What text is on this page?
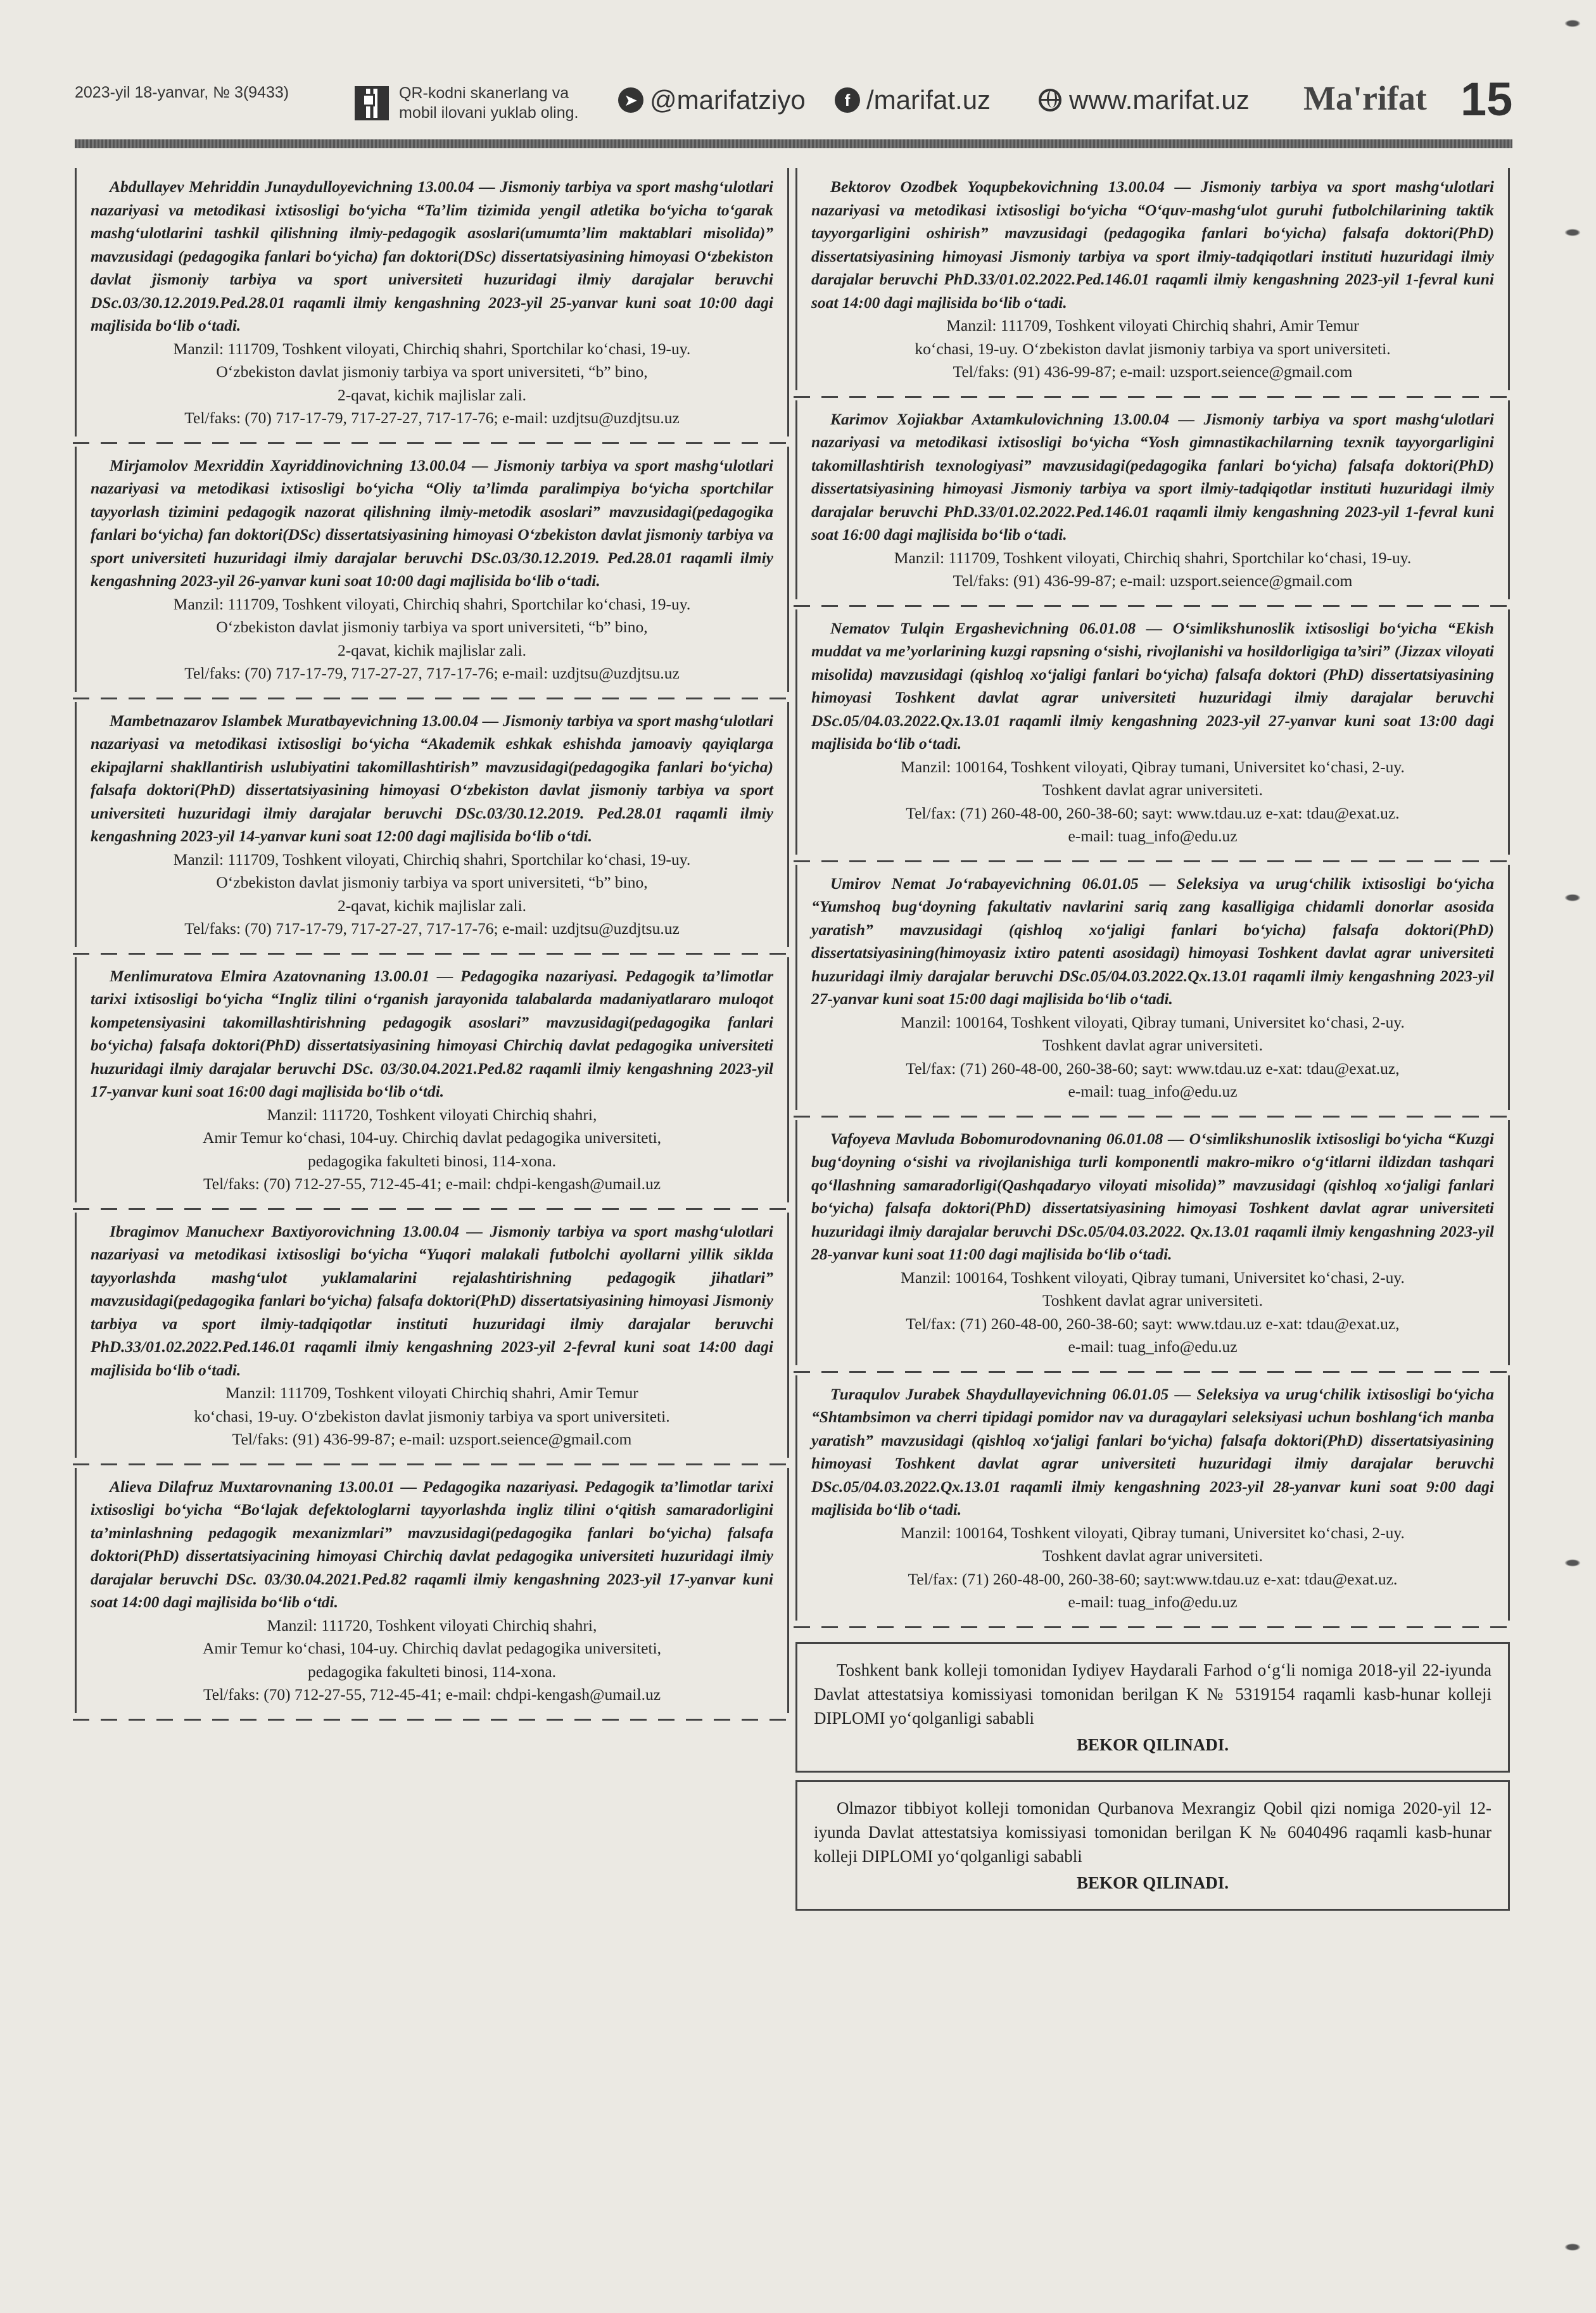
2023-yil 18-yanvar, № 3(9433)	QR-kodni skanerlang va
mobil ilovani yuklab oling.
➤ @marifatziyo	f /marifat.uz	www.marifat.uz Ma'rifat 15

Abdullayev Mehriddin Junaydulloyevichning 13.00.04 — Jismoniy tarbiya va sport mashg‘ulotlari nazariyasi va metodikasi ixtisosligi bo‘yicha “Ta’lim tizimida yengil atletika bo‘yicha to‘garak mashg‘ulotlarini tashkil qilishning ilmiy-pedagogik asoslari(umumta’lim maktablari misolida)” mavzusidagi (pedagogika fanlari bo‘yicha) fan doktori(DSc) dissertatsiyasining himoyasi O‘zbekiston davlat jismoniy tarbiya va sport universiteti huzuridagi ilmiy darajalar beruvchi DSc.03/30.12.2019.Ped.28.01 raqamli ilmiy kengashning 2023-yil 25-yanvar kuni soat 10:00 dagi majlisida bo‘lib o‘tadi.

Manzil: 111709, Toshkent viloyati, Chirchiq shahri, Sportchilar ko‘chasi, 19-uy.

O‘zbekiston davlat jismoniy tarbiya va sport universiteti, “b” bino,

2-qavat, kichik majlislar zali.

Tel/faks: (70) 717-17-79, 717-27-27, 717-17-76; e-mail: uzdjtsu@uzdjtsu.uz

Mirjamolov Mexriddin Xayriddinovichning 13.00.04 — Jismoniy tarbiya va sport mashg‘ulotlari nazariyasi va metodikasi ixtisosligi bo‘yicha “Oliy ta’limda paralimpiya bo‘yicha sportchilar tayyorlash tizimini pedagogik nazorat qilishning ilmiy-metodik asoslari” mavzusidagi(pedagogika fanlari bo‘yicha) fan doktori(DSc) dissertatsiyasining himoyasi O‘zbekiston davlat jismoniy tarbiya va sport universiteti huzuridagi ilmiy darajalar beruvchi DSc.03/30.12.2019. Ped.28.01 raqamli ilmiy kengashning 2023-yil 26-yanvar kuni soat 10:00 dagi majlisida bo‘lib o‘tadi.

Manzil: 111709, Toshkent viloyati, Chirchiq shahri, Sportchilar ko‘chasi, 19-uy.

O‘zbekiston davlat jismoniy tarbiya va sport universiteti, “b” bino,

2-qavat, kichik majlislar zali.

Tel/faks: (70) 717-17-79, 717-27-27, 717-17-76; e-mail: uzdjtsu@uzdjtsu.uz

Mambetnazarov Islambek Muratbayevichning 13.00.04 — Jismoniy tarbiya va sport mashg‘ulotlari nazariyasi va metodikasi ixtisosligi bo‘yicha “Akademik eshkak eshishda jamoaviy qayiqlarga ekipajlarni shakllantirish uslubiyatini takomillashtirish” mavzusidagi(pedagogika fanlari bo‘yicha) falsafa doktori(PhD) dissertatsiyasining himoyasi O‘zbekiston davlat jismoniy tarbiya va sport universiteti huzuridagi ilmiy darajalar beruvchi DSc.03/30.12.2019. Ped.28.01 raqamli ilmiy kengashning 2023-yil 14-yanvar kuni soat 12:00 dagi majlisida bo‘lib o‘tdi.

Manzil: 111709, Toshkent viloyati, Chirchiq shahri, Sportchilar ko‘chasi, 19-uy.

O‘zbekiston davlat jismoniy tarbiya va sport universiteti, “b” bino,

2-qavat, kichik majlislar zali.

Tel/faks: (70) 717-17-79, 717-27-27, 717-17-76; e-mail: uzdjtsu@uzdjtsu.uz

Menlimuratova Elmira Azatovnaning 13.00.01 — Pedagogika nazariyasi. Pedagogik ta’limotlar tarixi ixtisosligi bo‘yicha “Ingliz tilini o‘rganish jarayonida talabalarda madaniyatlararo muloqot kompetensiyasini takomillashtirishning pedagogik asoslari” mavzusidagi(pedagogika fanlari bo‘yicha) falsafa doktori(PhD) dissertatsiyasining himoyasi Chirchiq davlat pedagogika universiteti huzuridagi ilmiy darajalar beruvchi DSc. 03/30.04.2021.Ped.82 raqamli ilmiy kengashning 2023-yil 17-yanvar kuni soat 16:00 dagi majlisida bo‘lib o‘tdi.

Manzil: 111720, Toshkent viloyati Chirchiq shahri,

Amir Temur ko‘chasi, 104-uy. Chirchiq davlat pedagogika universiteti,

pedagogika fakulteti binosi, 114-xona.

Tel/faks: (70) 712-27-55, 712-45-41; e-mail: chdpi-kengash@umail.uz

Ibragimov Manuchexr Baxtiyorovichning 13.00.04 — Jismoniy tarbiya va sport mashg‘ulotlari nazariyasi va metodikasi ixtisosligi bo‘yicha “Yuqori malakali futbolchi ayollarni yillik siklda tayyorlashda mashg‘ulot yuklamalarini rejalashtirishning pedagogik jihatlari” mavzusidagi(pedagogika fanlari bo‘yicha) falsafa doktori(PhD) dissertatsiyasining himoyasi Jismoniy tarbiya va sport ilmiy-tadqiqotlar instituti huzuridagi ilmiy darajalar beruvchi PhD.33/01.02.2022.Ped.146.01 raqamli ilmiy kengashning 2023-yil 2-fevral kuni soat 14:00 dagi majlisida bo‘lib o‘tadi.

Manzil: 111709, Toshkent viloyati Chirchiq shahri, Amir Temur

ko‘chasi, 19-uy. O‘zbekiston davlat jismoniy tarbiya va sport universiteti.

Tel/faks: (91) 436-99-87; e-mail: uzsport.seience@gmail.com

Alieva Dilafruz Muxtarovnaning 13.00.01 — Pedagogika nazariyasi. Pedagogik ta’limotlar tarixi ixtisosligi bo‘yicha “Bo‘lajak defektologlarni tayyorlashda ingliz tilini o‘qitish samaradorligini ta’minlashning pedagogik mexanizmlari” mavzusidagi(pedagogika fanlari bo‘yicha) falsafa doktori(PhD) dissertatsiyacining himoyasi Chirchiq davlat pedagogika universiteti huzuridagi ilmiy darajalar beruvchi DSc. 03/30.04.2021.Ped.82 raqamli ilmiy kengashning 2023-yil 17-yanvar kuni soat 14:00 dagi majlisida bo‘lib o‘tdi.

Manzil: 111720, Toshkent viloyati Chirchiq shahri,

Amir Temur ko‘chasi, 104-uy. Chirchiq davlat pedagogika universiteti,

pedagogika fakulteti binosi, 114-xona.

Tel/faks: (70) 712-27-55, 712-45-41; e-mail: chdpi-kengash@umail.uz

Bektorov Ozodbek Yoqupbekovichning 13.00.04 — Jismoniy tarbiya va sport mashg‘ulotlari nazariyasi va metodikasi ixtisosligi bo‘yicha “O‘quv-mashg‘ulot guruhi futbolchilarining taktik tayyorgarligini oshirish” mavzusidagi (pedagogika fanlari bo‘yicha) falsafa doktori(PhD) dissertatsiyasining himoyasi Jismoniy tarbiya va sport ilmiy-tadqiqotlari instituti huzuridagi ilmiy darajalar beruvchi PhD.33/01.02.2022.Ped.146.01 raqamli ilmiy kengashning 2023-yil 1-fevral kuni soat 14:00 dagi majlisida bo‘lib o‘tadi.

Manzil: 111709, Toshkent viloyati Chirchiq shahri, Amir Temur

ko‘chasi, 19-uy. O‘zbekiston davlat jismoniy tarbiya va sport universiteti.

Tel/faks: (91) 436-99-87; e-mail: uzsport.seience@gmail.com

Karimov Xojiakbar Axtamkulovichning 13.00.04 — Jismoniy tarbiya va sport mashg‘ulotlari nazariyasi va metodikasi ixtisosligi bo‘yicha “Yosh gimnastikachilarning texnik tayyorgarligini takomillashtirish texnologiyasi” mavzusidagi(pedagogika fanlari bo‘yicha) falsafa doktori(PhD) dissertatsiyasining himoyasi Jismoniy tarbiya va sport ilmiy-tadqiqotlar instituti huzuridagi ilmiy darajalar beruvchi PhD.33/01.02.2022.Ped.146.01 raqamli ilmiy kengashning 2023-yil 1-fevral kuni soat 16:00 dagi majlisida bo‘lib o‘tadi.

Manzil: 111709, Toshkent viloyati, Chirchiq shahri, Sportchilar ko‘chasi, 19-uy.

Tel/faks: (91) 436-99-87; e-mail: uzsport.seience@gmail.com

Nematov Tulqin Ergashevichning 06.01.08 — O‘simlikshunoslik ixtisosligi bo‘yicha “Ekish muddat va me’yorlarining kuzgi rapsning o‘sishi, rivojlanishi va hosildorligiga ta’siri” (Jizzax viloyati misolida) mavzusidagi (qishloq xo‘jaligi fanlari bo‘yicha) falsafa doktori (PhD) dissertatsiyasining himoyasi Toshkent davlat agrar universiteti huzuridagi ilmiy darajalar beruvchi DSc.05/04.03.2022.Qx.13.01 raqamli ilmiy kengashning 2023-yil 27-yanvar kuni soat 13:00 dagi majlisida bo‘lib o‘tadi.

Manzil: 100164, Toshkent viloyati, Qibray tumani, Universitet ko‘chasi, 2-uy.

Toshkent davlat agrar universiteti.

Tel/fax: (71) 260-48-00, 260-38-60; sayt: www.tdau.uz e-xat: tdau@exat.uz.

e-mail: tuag_info@edu.uz

Umirov Nemat Jo‘rabayevichning 06.01.05 — Seleksiya va urug‘chilik ixtisosligi bo‘yicha “Yumshoq bug‘doyning fakultativ navlarini sariq zang kasalligiga chidamli donorlar asosida yaratish” mavzusidagi (qishloq xo‘jaligi fanlari bo‘yicha) falsafa doktori(PhD) dissertatsiyasining(himoyasiz ixtiro patenti asosidagi) himoyasi Toshkent davlat agrar universiteti huzuridagi ilmiy darajalar beruvchi DSc.05/04.03.2022.Qx.13.01 raqamli ilmiy kengashning 2023-yil 27-yanvar kuni soat 15:00 dagi majlisida bo‘lib o‘tadi.

Manzil: 100164, Toshkent viloyati, Qibray tumani, Universitet ko‘chasi, 2-uy.

Toshkent davlat agrar universiteti.

Tel/fax: (71) 260-48-00, 260-38-60; sayt: www.tdau.uz e-xat: tdau@exat.uz,

e-mail: tuag_info@edu.uz

Vafoyeva Mavluda Bobomurodovnaning 06.01.08 — O‘simlikshunoslik ixtisosligi bo‘yicha “Kuzgi bug‘doyning o‘sishi va rivojlanishiga turli komponentli makro-mikro o‘g‘itlarni ildizdan tashqari qo‘llashning samaradorligi(Qashqadaryo viloyati misolida)” mavzusidagi (qishloq xo‘jaligi fanlari bo‘yicha) falsafa doktori(PhD) dissertatsiyasining himoyasi Toshkent davlat agrar universiteti huzuridagi ilmiy darajalar beruvchi DSc.05/04.03.2022. Qx.13.01 raqamli ilmiy kengashning 2023-yil 28-yanvar kuni soat 11:00 dagi majlisida bo‘lib o‘tadi.

Manzil: 100164, Toshkent viloyati, Qibray tumani, Universitet ko‘chasi, 2-uy.

Toshkent davlat agrar universiteti.

Tel/fax: (71) 260-48-00, 260-38-60; sayt: www.tdau.uz e-xat: tdau@exat.uz,

e-mail: tuag_info@edu.uz

Turaqulov Jurabek Shaydullayevichning 06.01.05 — Seleksiya va urug‘chilik ixtisosligi bo‘yicha “Shtambsimon va cherri tipidagi pomidor nav va duragaylari seleksiyasi uchun boshlang‘ich manba yaratish” mavzusidagi (qishloq xo‘jaligi fanlari bo‘yicha) falsafa doktori(PhD) dissertatsiyasining himoyasi Toshkent davlat agrar universiteti huzuridagi ilmiy darajalar beruvchi DSc.05/04.03.2022.Qx.13.01 raqamli ilmiy kengashning 2023-yil 28-yanvar kuni soat 9:00 dagi majlisida bo‘lib o‘tadi.

Manzil: 100164, Toshkent viloyati, Qibray tumani, Universitet ko‘chasi, 2-uy.

Toshkent davlat agrar universiteti.

Tel/fax: (71) 260-48-00, 260-38-60; sayt:www.tdau.uz e-xat: tdau@exat.uz.

e-mail: tuag_info@edu.uz

Toshkent bank kolleji tomonidan Iydiyev Haydarali Farhod o‘g‘li nomiga 2018-yil 22-iyunda Davlat attestatsiya komissiyasi tomonidan berilgan K № 5319154 raqamli kasb-hunar kolleji DIPLOMI yo‘qolganligi sababli

BEKOR QILINADI.

Olmazor tibbiyot kolleji tomonidan Qurbanova Mexrangiz Qobil qizi nomiga 2020-yil 12-iyunda Davlat attestatsiya komissiyasi tomonidan berilgan K № 6040496 raqamli kasb-hunar kolleji DIPLOMI yo‘qolganligi sababli

BEKOR QILINADI.
